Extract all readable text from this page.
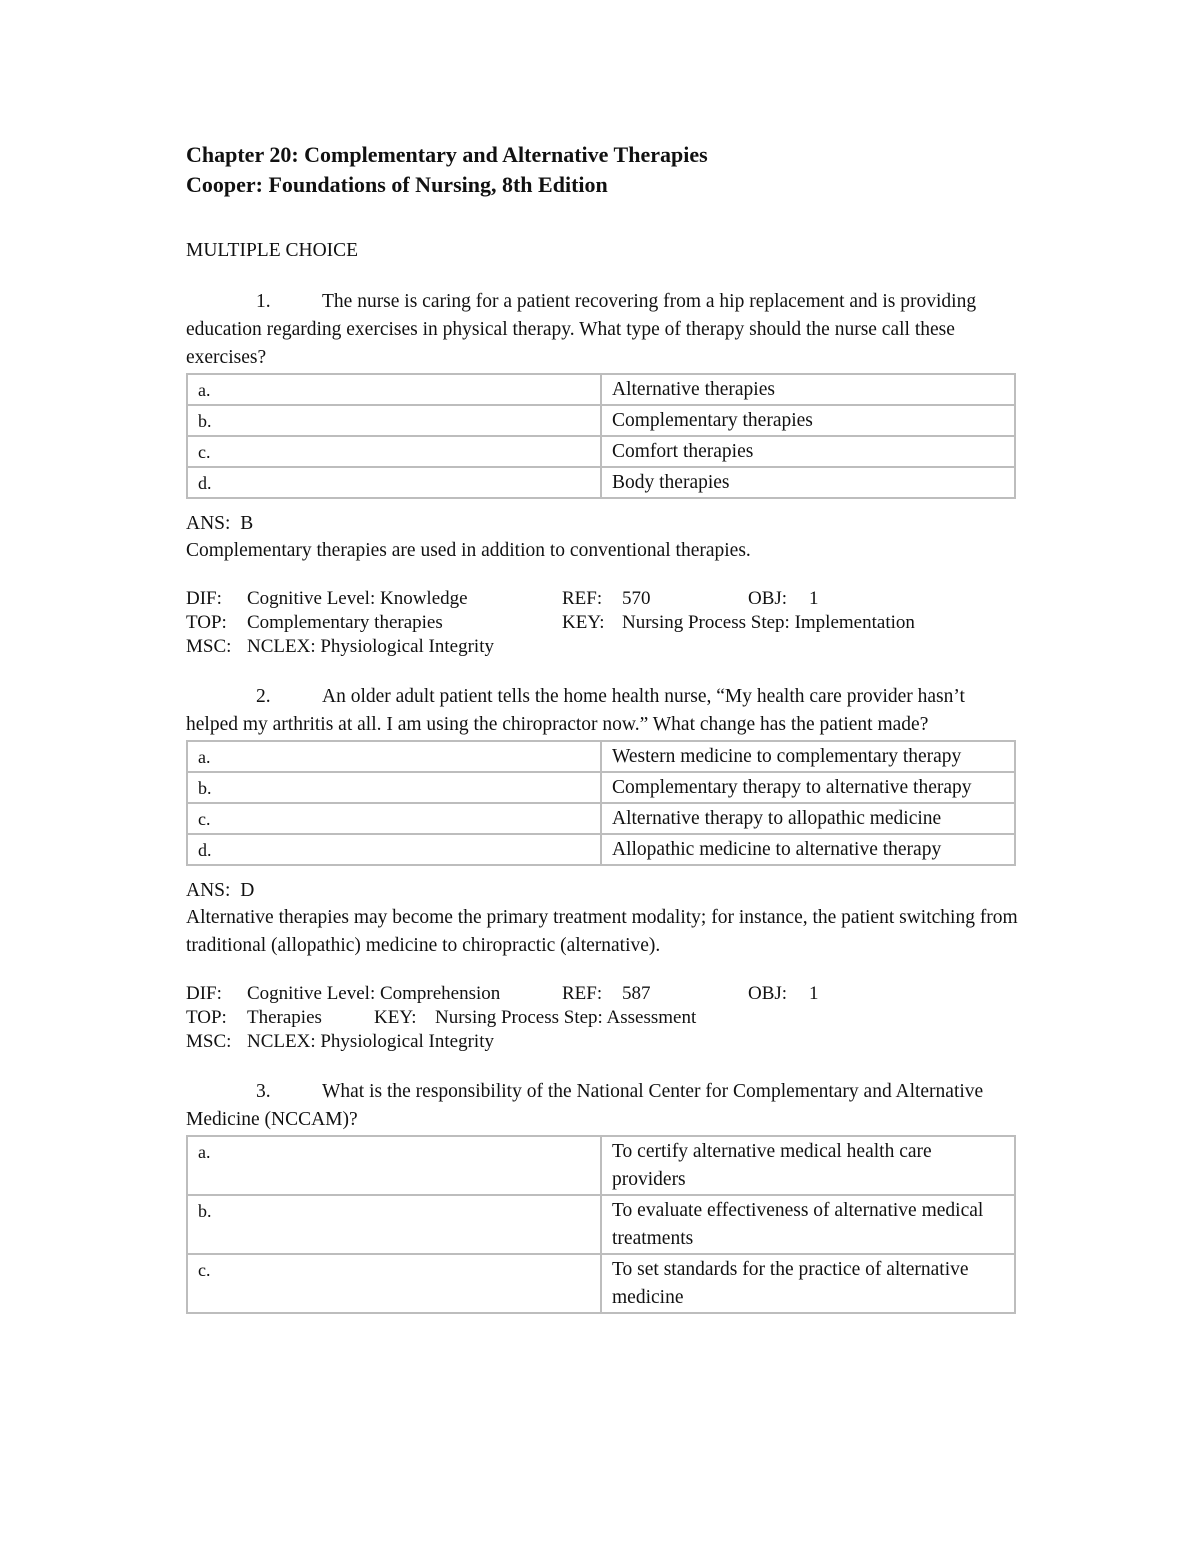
Chapter 20: Complementary and Alternative Therapies

Cooper: Foundations of Nursing, 8th Edition

MULTIPLE CHOICE
1.	The nurse is caring for a patient recovering from a hip replacement and is providing education regarding exercises in physical therapy. What type of therapy should the nurse call these exercises?
a.	Alternative therapies
b.	Complementary therapies
c.	Comfort therapies
d.	Body therapies
ANS: B
Complementary therapies are used in addition to conventional therapies.
DIF: Cognitive Level: Knowledge	REF: 570	OBJ: 1
TOP: Complementary therapies	KEY: Nursing Process Step: Implementation
MSC: NCLEX: Physiological Integrity
2.	An older adult patient tells the home health nurse, “My health care provider hasn’t helped my arthritis at all. I am using the chiropractor now.” What change has the patient made?
a.	Western medicine to complementary therapy
b.	Complementary therapy to alternative therapy
c.	Alternative therapy to allopathic medicine
d.	Allopathic medicine to alternative therapy
ANS: D
Alternative therapies may become the primary treatment modality; for instance, the patient switching from traditional (allopathic) medicine to chiropractic (alternative).
DIF: Cognitive Level: Comprehension	REF: 587	OBJ: 1
TOP: Therapies	KEY: Nursing Process Step: Assessment
MSC: NCLEX: Physiological Integrity
3.	What is the responsibility of the National Center for Complementary and Alternative Medicine (NCCAM)?
a.	To certify alternative medical health care providers
b.	To evaluate effectiveness of alternative medical treatments
c.	To set standards for the practice of alternative medicine
